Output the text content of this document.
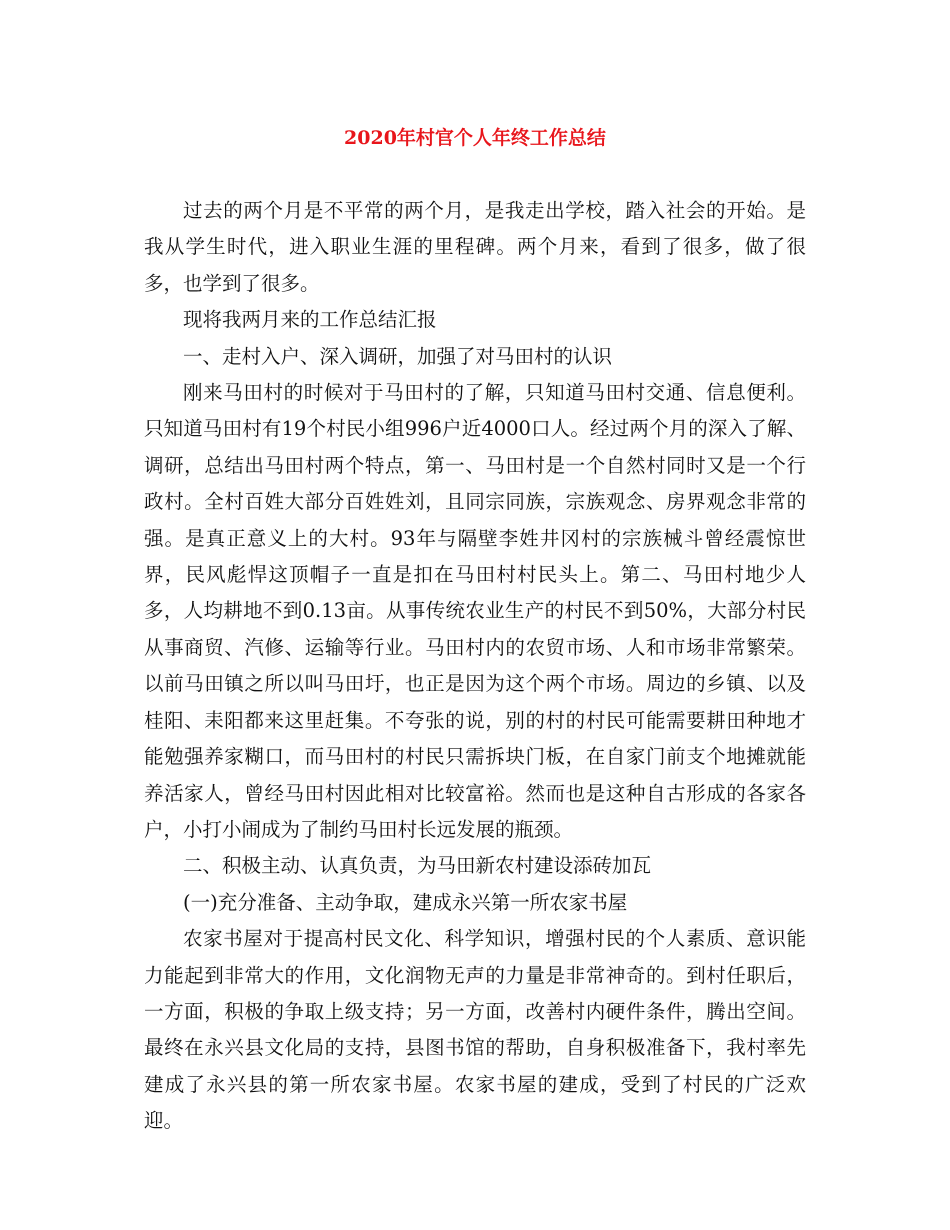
2020年村官个人年终工作总结

过去的两个月是不平常的两个月，是我走出学校，踏入社会的开始。是我从学生时代，进入职业生涯的里程碑。两个月来，看到了很多，做了很多，也学到了很多。

现将我两月来的工作总结汇报

一、走村入户、深入调研，加强了对马田村的认识

刚来马田村的时候对于马田村的了解，只知道马田村交通、信息便利。只知道马田村有19个村民小组996户近4000口人。经过两个月的深入了解、调研，总结出马田村两个特点，第一、马田村是一个自然村同时又是一个行政村。全村百姓大部分百姓姓刘，且同宗同族，宗族观念、房界观念非常的强。是真正意义上的大村。93年与隔壁李姓井冈村的宗族械斗曾经震惊世界，民风彪悍这顶帽子一直是扣在马田村村民头上。第二、马田村地少人多，人均耕地不到0.13亩。从事传统农业生产的村民不到50%，大部分村民从事商贸、汽修、运输等行业。马田村内的农贸市场、人和市场非常繁荣。以前马田镇之所以叫马田圩，也正是因为这个两个市场。周边的乡镇、以及桂阳、耒阳都来这里赶集。不夸张的说，别的村的村民可能需要耕田种地才能勉强养家糊口，而马田村的村民只需拆块门板，在自家门前支个地摊就能养活家人，曾经马田村因此相对比较富裕。然而也是这种自古形成的各家各户，小打小闹成为了制约马田村长远发展的瓶颈。

二、积极主动、认真负责，为马田新农村建设添砖加瓦

(一)充分准备、主动争取，建成永兴第一所农家书屋

农家书屋对于提高村民文化、科学知识，增强村民的个人素质、意识能力能起到非常大的作用，文化润物无声的力量是非常神奇的。到村任职后，一方面，积极的争取上级支持；另一方面，改善村内硬件条件，腾出空间。最终在永兴县文化局的支持，县图书馆的帮助，自身积极准备下，我村率先建成了永兴县的第一所农家书屋。农家书屋的建成，受到了村民的广泛欢迎。
